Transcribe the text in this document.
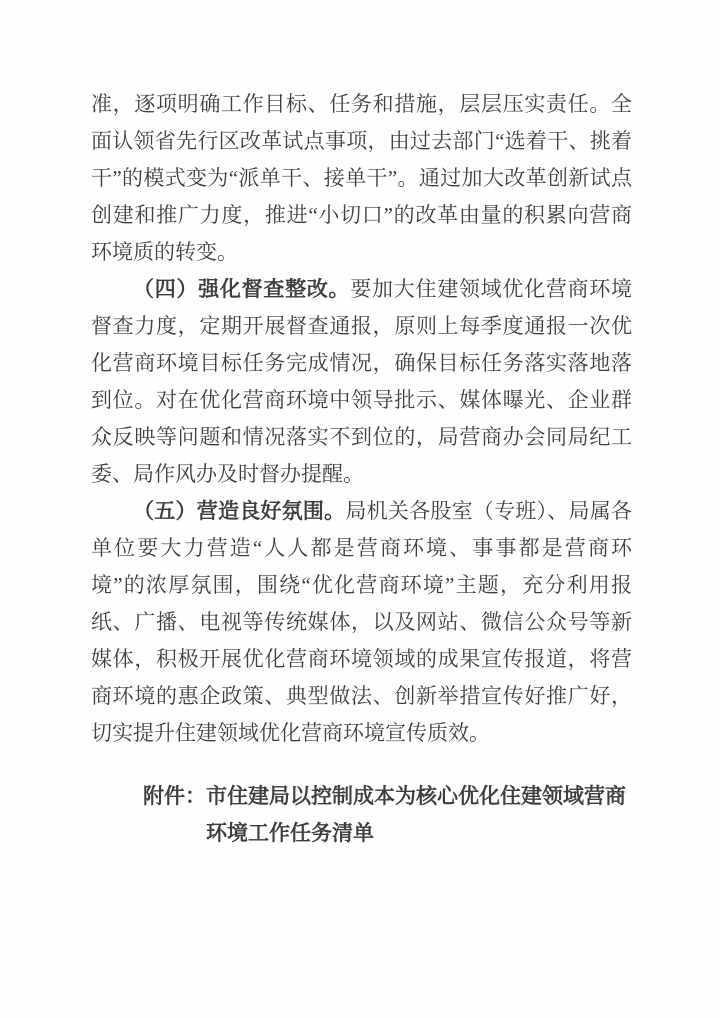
准，逐项明确工作目标、任务和措施，层层压实责任。全面认领省先行区改革试点事项，由过去部门“选着干、挑着干”的模式变为“派单干、接单干”。通过加大改革创新试点创建和推广力度，推进“小切口”的改革由量的积累向营商环境质的转变。

（四）强化督查整改。要加大住建领域优化营商环境督查力度，定期开展督查通报，原则上每季度通报一次优化营商环境目标任务完成情况，确保目标任务落实落地落到位。对在优化营商环境中领导批示、媒体曝光、企业群众反映等问题和情况落实不到位的，局营商办会同局纪工委、局作风办及时督办提醒。

（五）营造良好氛围。局机关各股室（专班）、局属各单位要大力营造“人人都是营商环境、事事都是营商环境”的浓厚氛围，围绕“优化营商环境”主题，充分利用报纸、广播、电视等传统媒体，以及网站、微信公众号等新媒体，积极开展优化营商环境领域的成果宣传报道，将营商环境的惠企政策、典型做法、创新举措宣传好推广好，切实提升住建领域优化营商环境宣传质效。

附件：市住建局以控制成本为核心优化住建领域营商环境工作任务清单
